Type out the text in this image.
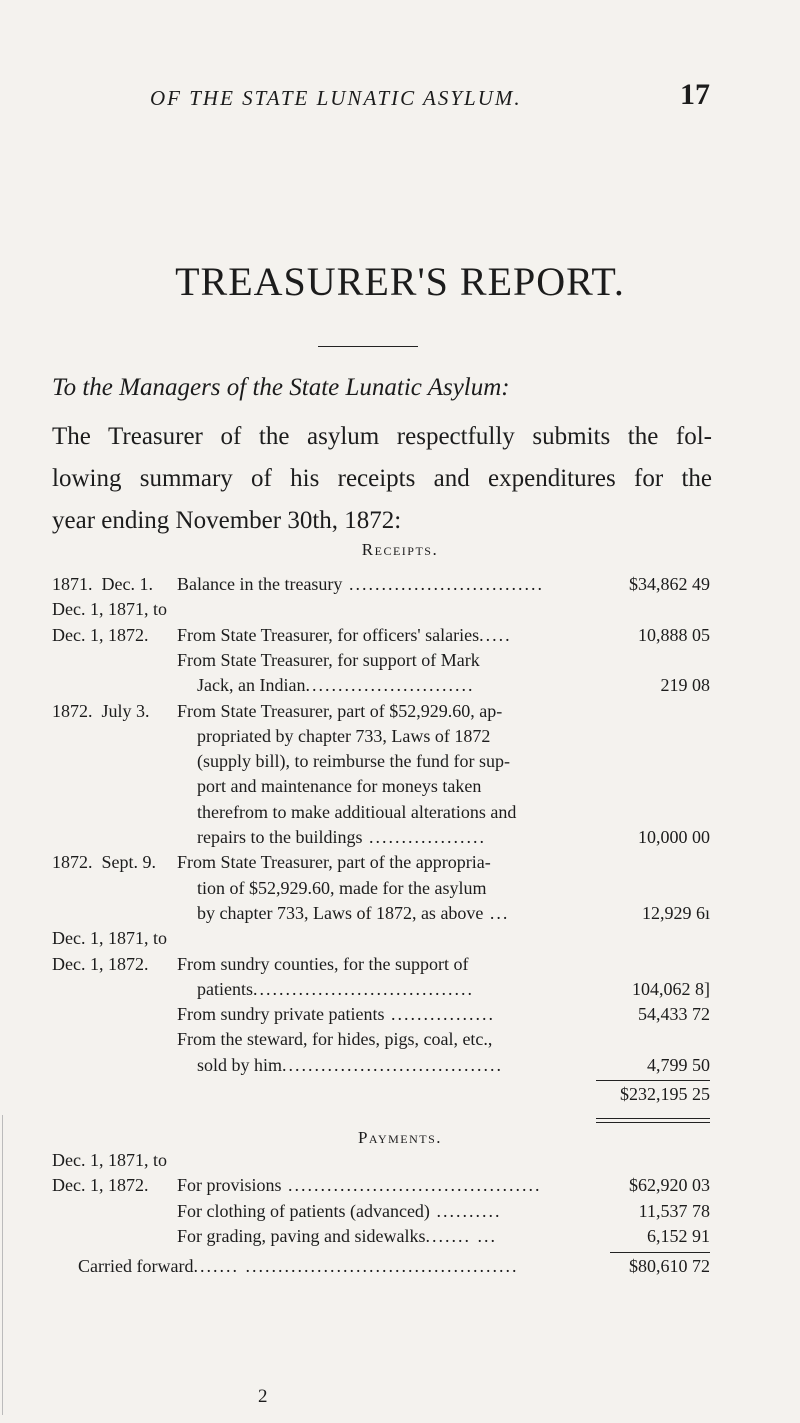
OF THE STATE LUNATIC ASYLUM.	17
TREASURER'S REPORT.
To the Managers of the State Lunatic Asylum:
The Treasurer of the asylum respectfully submits the fol-
lowing summary of his receipts and expenditures for the
year ending November 30th, 1872:
Receipts.
1871.  Dec. 1. Balance in the treasury ..............................	$34,862 49
Dec. 1, 1871, to
Dec. 1, 1872. From State Treasurer, for officers' salaries.....	10,888 05
From State Treasurer, for support of Mark
Jack, an Indian..........................	219 08
1872.  July 3. From State Treasurer, part of $52,929.60, ap-
propriated by chapter 733, Laws of 1872
(supply bill), to reimburse the fund for sup-
port and maintenance for moneys taken
therefrom to make additioual alterations and
repairs to the buildings ..................	10,000 00
1872.  Sept. 9. From State Treasurer, part of the appropria-
tion of $52,929.60, made for the asylum
by chapter 733, Laws of 1872, as above ...	12,929 6ı
Dec. 1, 1871, to
Dec. 1, 1872. From sundry counties, for the support of
patients..................................	104,062 8]
From sundry private patients ................	54,433 72
From the steward, for hides, pigs, coal, etc.,
sold by him..................................	4,799 50
$232,195 25
Payments.
Dec. 1, 1871, to
Dec. 1, 1872. For provisions .......................................	$62,920 03
For clothing of patients (advanced) ..........	11,537 78
For grading, paving and sidewalks....... ...	6,152 91
Carried forward....... ..........................................	$80,610 72
2
